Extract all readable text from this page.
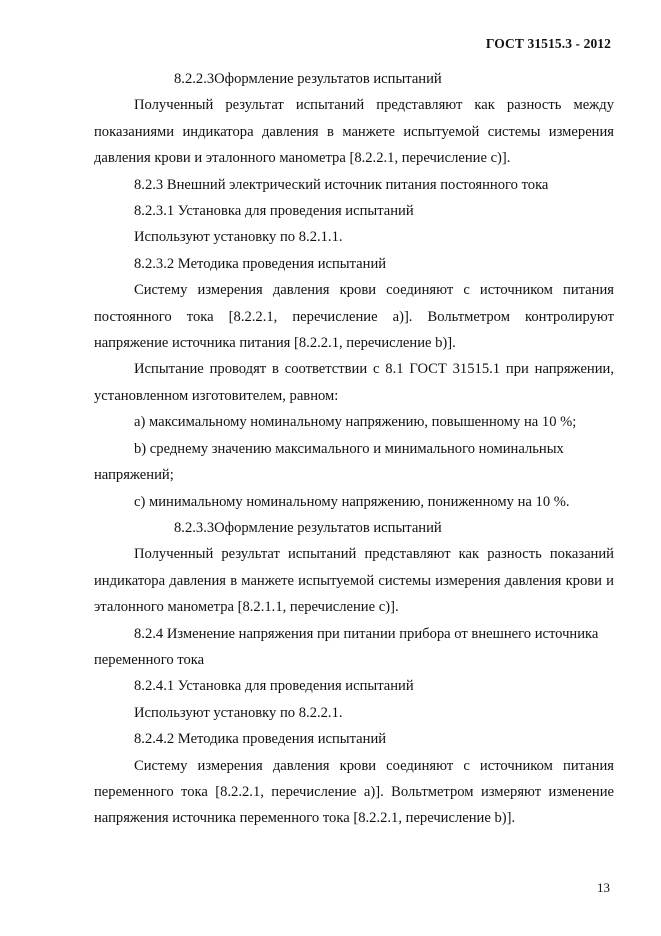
ГОСТ 31515.3 - 2012

8.2.2.3Оформление результатов испытаний

Полученный результат испытаний представляют как разность между показаниями индикатора давления в манжете испытуемой системы измерения давления крови и эталонного манометра [8.2.2.1, перечисление с)].

8.2.3 Внешний электрический источник питания постоянного тока

8.2.3.1 Установка для проведения испытаний

Используют установку по 8.2.1.1.

8.2.3.2 Методика проведения испытаний

Систему измерения давления крови соединяют с источником питания постоянного тока [8.2.2.1, перечисление а)]. Вольтметром контролируют напряжение источника питания [8.2.2.1, перечисление b)].

Испытание проводят в соответствии с 8.1 ГОСТ 31515.1 при напряжении, установленном изготовителем, равном:

а) максимальному номинальному напряжению, повышенному на 10 %;

b) среднему значению максимального и минимального номинальных напряжений;

с) минимальному номинальному напряжению, пониженному на 10 %.

8.2.3.3Оформление результатов испытаний

Полученный результат испытаний представляют как разность показаний индикатора давления в манжете испытуемой системы измерения давления крови и эталонного манометра [8.2.1.1, перечисление с)].

8.2.4 Изменение напряжения при питании прибора от внешнего источника переменного тока

8.2.4.1 Установка для проведения испытаний

Используют установку по 8.2.2.1.

8.2.4.2 Методика проведения испытаний

Систему измерения давления крови соединяют с источником питания переменного тока [8.2.2.1, перечисление а)]. Вольтметром измеряют изменение напряжения источника переменного тока [8.2.2.1, перечисление b)].

13
